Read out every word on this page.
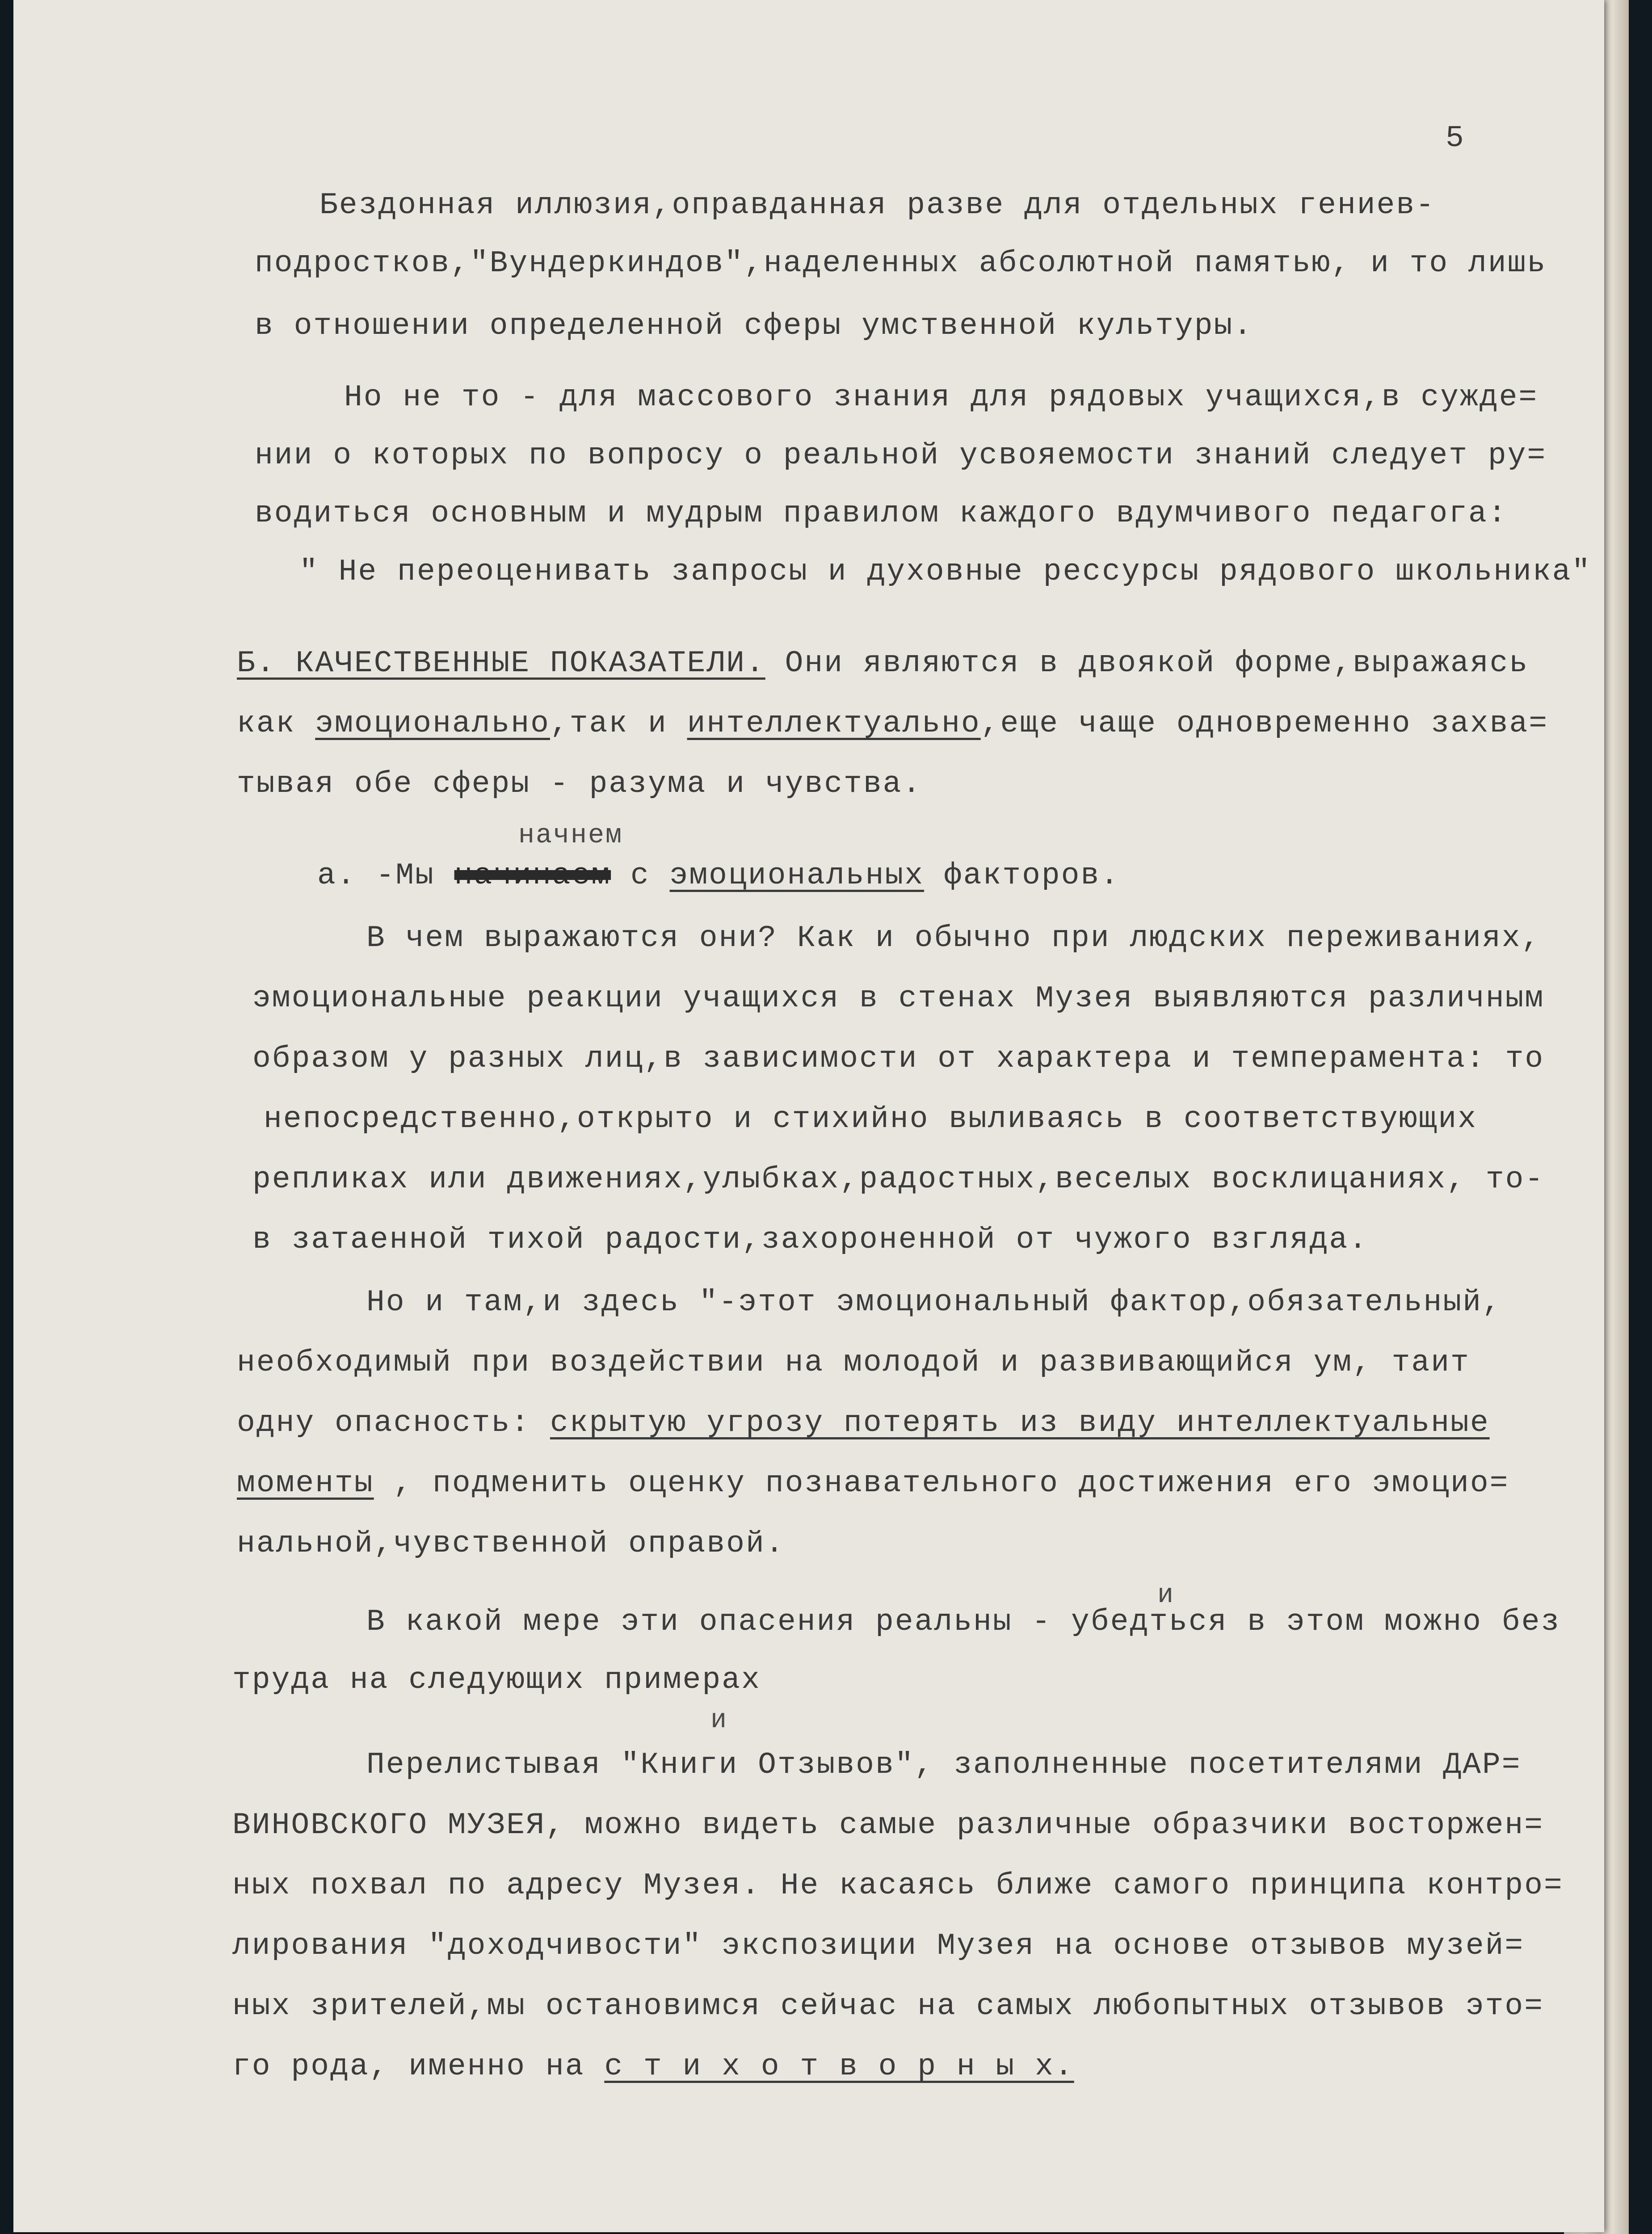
5

Бездонная иллюзия,оправданная разве для отдельных гениев-

подростков,"Вундеркиндов",наделенных абсолютной памятью, и то лишь

в отношении определенной сферы умственной культуры.

Но не то - для массового знания для рядовых учащихся,в сужде=

нии о которых по вопросу о реальной усвояемости знаний следует ру=

водиться основным и мудрым правилом каждого вдумчивого педагога:

" Не переоценивать запросы и духовные рессурсы рядового школьника"

Б. КАЧЕСТВЕННЫЕ ПОКАЗАТЕЛИ. Они являются в двоякой форме,выражаясь

как эмоционально,так и интеллектуально,еще чаще одновременно захва=

тывая обе сферы - разума и чувства.

начнем

а. -Мы начинаем с эмоциональных факторов.

В чем выражаются они? Как и обычно при людских переживаниях,

эмоциональные реакции учащихся в стенах Музея выявляются различным

образом у разных лиц,в зависимости от характера и темперамента: то

непосредственно,открыто и стихийно выливаясь в соответствующих

репликах или движениях,улыбках,радостных,веселых восклицаниях, то-

в затаенной тихой радости,захороненной от чужого взгляда.

Но и там,и здесь "-этот эмоциональный фактор,обязательный,

необходимый при воздействии на молодой и развивающийся ум, таит

одну опасность: скрытую угрозу потерять из виду интеллектуальные

моменты , подменить оценку познавательного достижения его эмоцио=

нальной,чувственной оправой.

и

В какой мере эти опасения реальны - убедться в этом можно без

труда на следующих примерах

и

Перелистывая "Книги Отзывов", заполненные посетителями ДАР=

ВИНОВСКОГО МУЗЕЯ, можно видеть самые различные образчики восторжен=

ных похвал по адресу Музея. Не касаясь ближе самого принципа контро=

лирования "доходчивости" экспозиции Музея на основе отзывов музей=

ных зрителей,мы остановимся сейчас на самых любопытных отзывов это=

го рода, именно на с т и х о т в о р н ы х.
